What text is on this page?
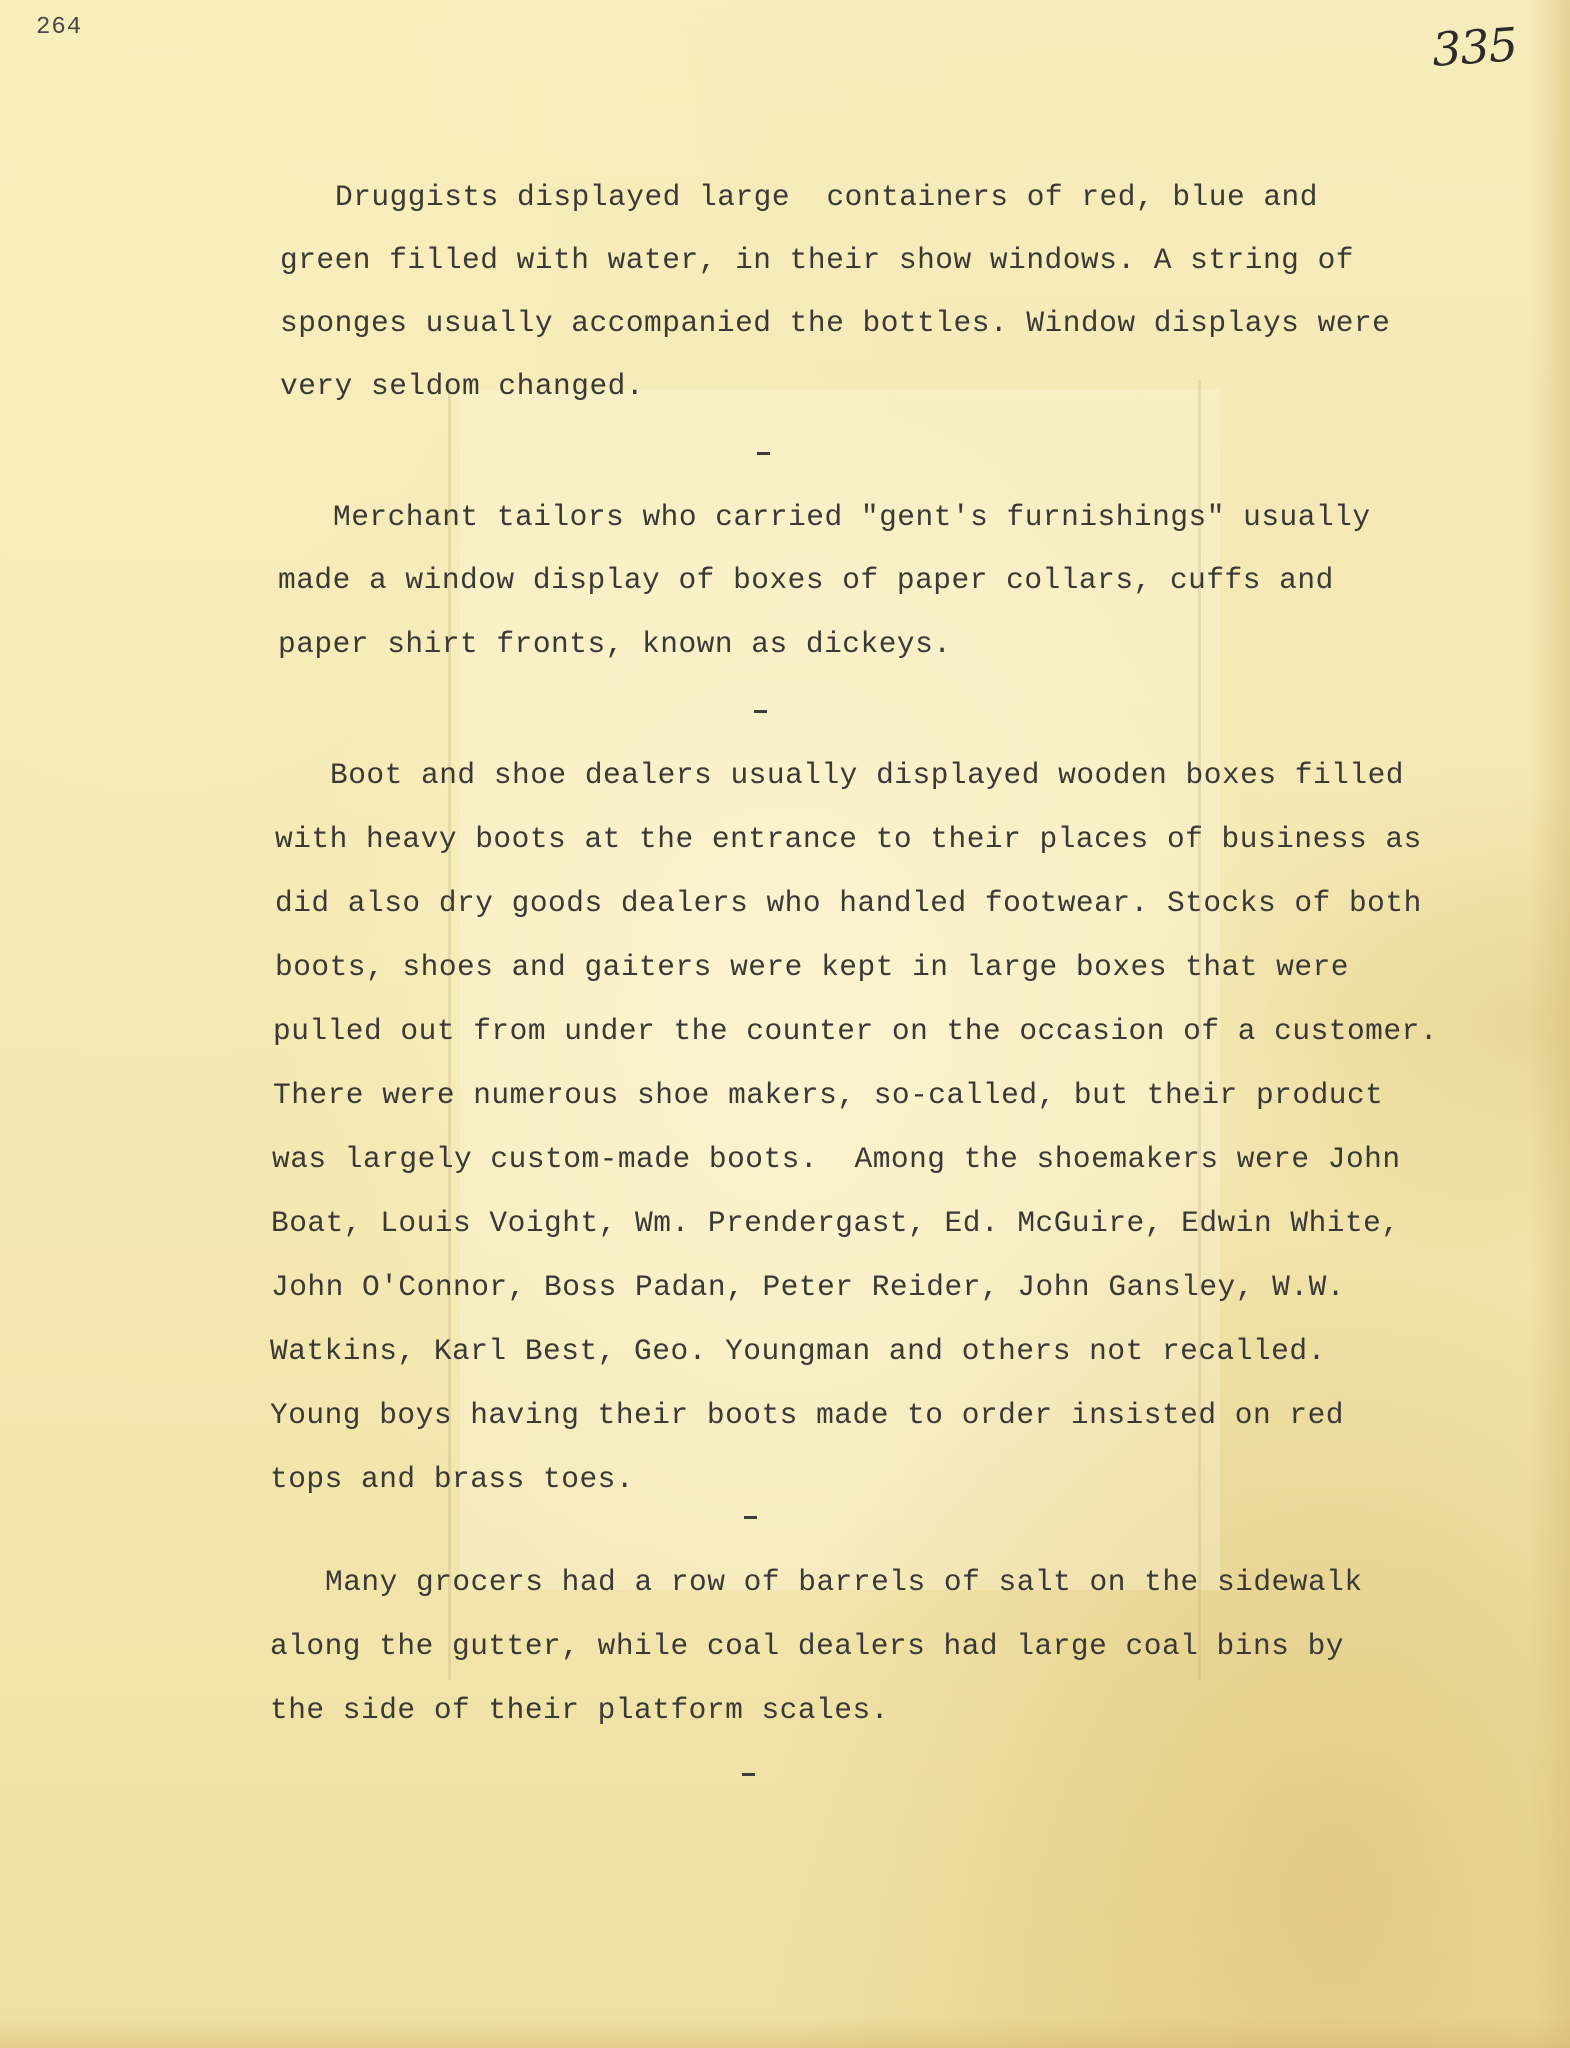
264	335
Druggists displayed large  containers of red, blue and
green filled with water, in their show windows. A string of
sponges usually accompanied the bottles. Window displays were
very seldom changed.
Merchant tailors who carried "gent's furnishings" usually
made a window display of boxes of paper collars, cuffs and
paper shirt fronts, known as dickeys.
Boot and shoe dealers usually displayed wooden boxes filled
with heavy boots at the entrance to their places of business as
did also dry goods dealers who handled footwear. Stocks of both
boots, shoes and gaiters were kept in large boxes that were
pulled out from under the counter on the occasion of a customer.
There were numerous shoe makers, so-called, but their product
was largely custom-made boots.  Among the shoemakers were John
Boat, Louis Voight, Wm. Prendergast, Ed. McGuire, Edwin White,
John O'Connor, Boss Padan, Peter Reider, John Gansley, W.W.
Watkins, Karl Best, Geo. Youngman and others not recalled.
Young boys having their boots made to order insisted on red
tops and brass toes.
Many grocers had a row of barrels of salt on the sidewalk
along the gutter, while coal dealers had large coal bins by
the side of their platform scales.
